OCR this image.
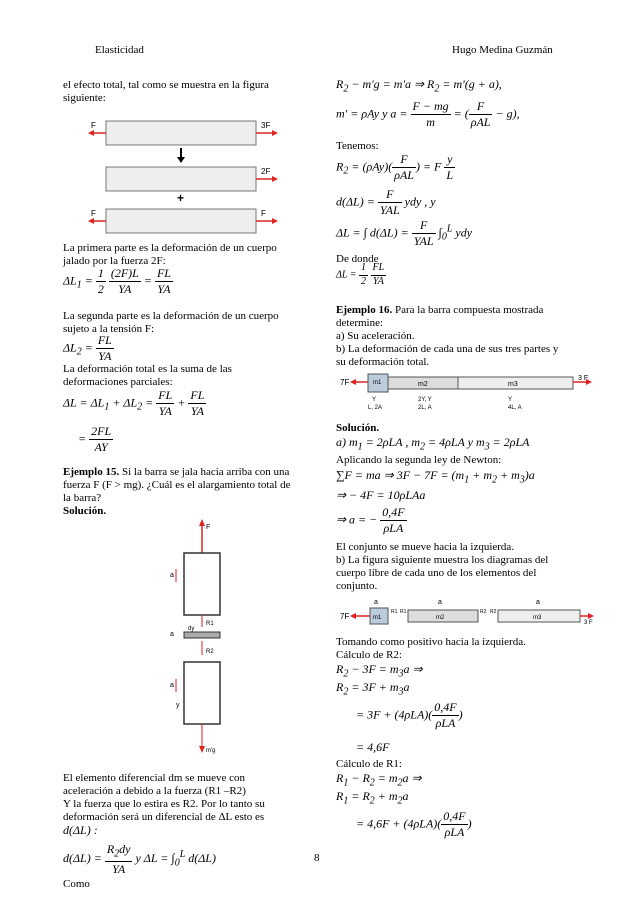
Elasticidad	Hugo Medina Guzmán
el efecto total, tal como se muestra en la figura
siguiente:
F	3F
2F
+
F	F
La primera parte es la deformación de un cuerpo
jalado por la fuerza 2F:
$\Delta L_1 = \frac{1}{2}$
$\frac{(2F)L}{YA} = \frac{FL}{YA}$
La segunda parte es la deformación de un cuerpo
sujeto a la tensión F:
$\Delta L_2 = \frac{FL}{YA}$
La deformación total es la suma de las
deformaciones parciales:
$\Delta L = \Delta L_1 + \Delta L_2 = \frac{FL}{YA} + \frac{FL}{YA}$
= $\frac{2FL}{AY}$
Ejemplo 15. Si la barra se jala hacia arriba con una
fuerza F (F > mg). ¿Cuál es el alargamiento total de
la barra?
Solución.
F
a
R1
a
dy
R2
a
y
m'g
El elemento diferencial dm se mueve con
aceleración a debido a la fuerza (R1 –R2)
Y la fuerza que lo estira es R2. Por lo tanto su
deformación será un diferencial de ΔL esto es
d(ΔL) :
$d(\Delta L) = \frac{R_2dy}{YA}$ y $\Delta L = \int_0^L$ d(ΔL)
Como
$R_2 - m'g = m'a$ ⇒ $R_2 = m'(g + a)$,
m' = ρAy y $a = \frac{F - mg}{m}$ = ( $\frac{F}{\text{ρAL}} - g$),
Tenemos:
$R_2 = (\rho Ay)( \frac{F}{\text{ρAL}}$ ) = F $\frac{y}{L}$
$d(\Delta L) = \frac{F}{\text{YAL}}$ ydy , y
ΔL = ∫ $d(\Delta L) = \frac{F}{\text{YAL}} \int_0^L$ ydy
De donde
$\Delta L = \frac{1}{2}$
$\frac{FL}{YA}$
Ejemplo 16. Para la barra compuesta mostrada
determine:
a) Su aceleración.
b) La deformación de cada una de sus tres partes y
su deformación total.
7F	m1	m2	m3
3 F
Y	2Y, Y	Y
L, 2A	2L, A	4L, A
Solución.
a) $m_1 = 2\rho LA$ , $m_2 = 4\rho LA$ y $m_3 = 2\rho LA$
Aplicando la segunda ley de Newton:
∑F = ma ⇒ $3F - 7F = (m_1 + m_2 + m_3)a$
⇒ − 4F = 10ρLAa
⇒ a = − $\frac{0,4F}{\text{ρLA}}$
El conjunto se mueve hacia la izquierda.
b) La figura siguiente muestra los diagramas del
cuerpo libre de cada uno de los elementos del
conjunto.
7F	m1
a
R1 R1
m2
a
R2 R2
m3
a
3 F
Tomando como positivo hacia la izquierda.
Cálculo de R2:
$R_2 - 3F = m_3a$ ⇒
$R_2 = 3F + m_3a$
= $3F + (4\rho LA)( \frac{0,4F}{\text{ρLA}}$ )
= 4,6F
Cálculo de R1:
$R_1 - R_2 = m_2a$ ⇒
$R_1 = R_2 + m_2a$
= $4,6F + (4\rho LA)( \frac{0,4F}{\text{ρLA}}$ )
8
